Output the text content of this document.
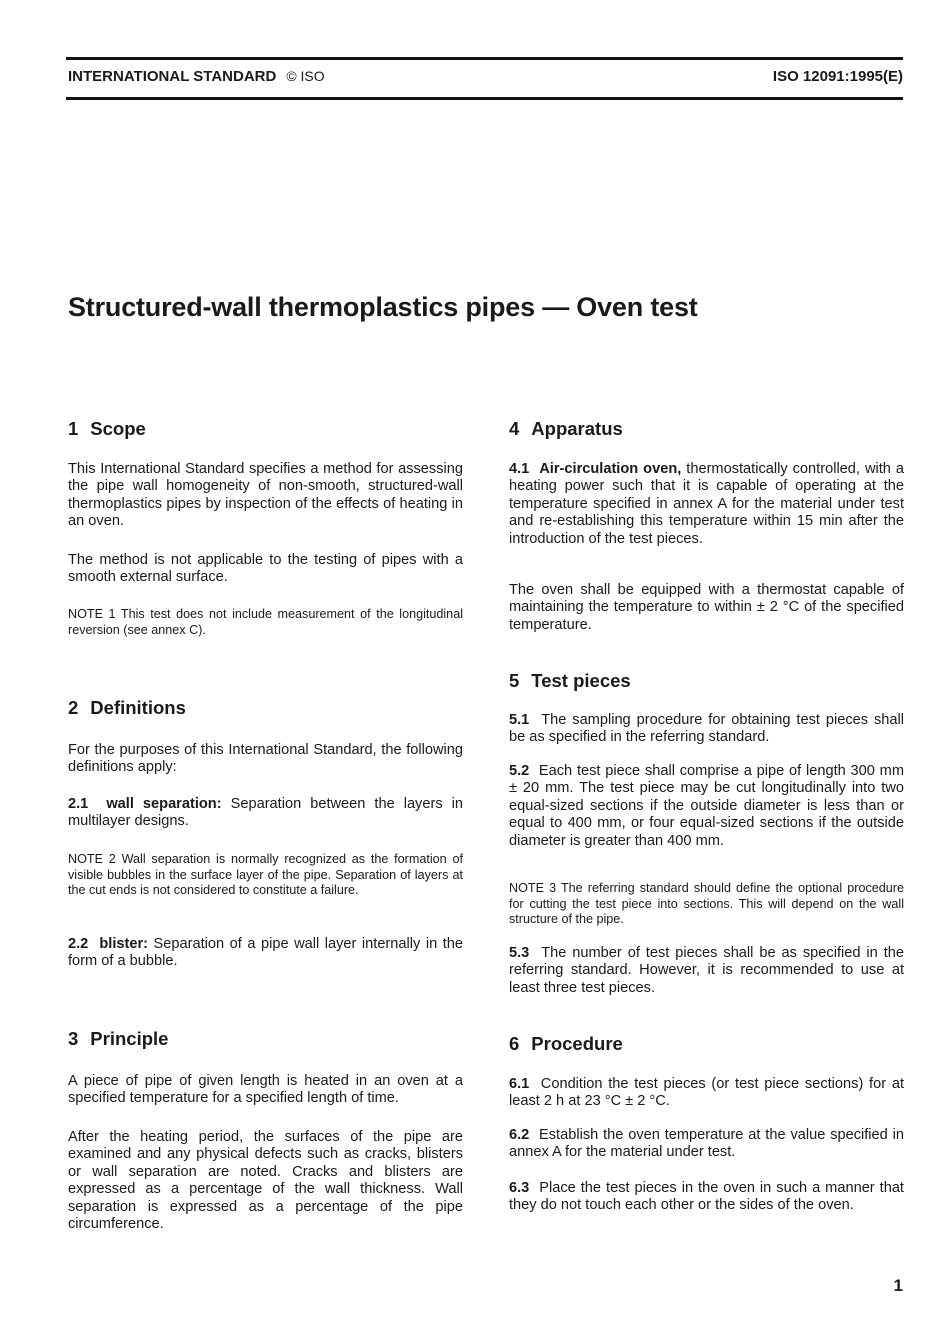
INTERNATIONAL STANDARD © ISO	ISO 12091:1995(E)
Structured-wall thermoplastics pipes — Oven test
1 Scope

This International Standard specifies a method for assessing the pipe wall homogeneity of non-smooth, structured-wall thermoplastics pipes by inspection of the effects of heating in an oven.

The method is not applicable to the testing of pipes with a smooth external surface.

NOTE 1 This test does not include measurement of the longitudinal reversion (see annex C).

2 Definitions

For the purposes of this International Standard, the following definitions apply:

2.1 wall separation: Separation between the layers in multilayer designs.

NOTE 2 Wall separation is normally recognized as the formation of visible bubbles in the surface layer of the pipe. Separation of layers at the cut ends is not considered to constitute a failure.

2.2 blister: Separation of a pipe wall layer internally in the form of a bubble.

3 Principle

A piece of pipe of given length is heated in an oven at a specified temperature for a specified length of time.

After the heating period, the surfaces of the pipe are examined and any physical defects such as cracks, blisters or wall separation are noted. Cracks and blisters are expressed as a percentage of the wall thickness. Wall separation is expressed as a percentage of the pipe circumference.

4 Apparatus

4.1 Air-circulation oven, thermostatically controlled, with a heating power such that it is capable of operating at the temperature specified in annex A for the material under test and re-establishing this temperature within 15 min after the introduction of the test pieces.

The oven shall be equipped with a thermostat capable of maintaining the temperature to within ± 2 °C of the specified temperature.

5 Test pieces

5.1 The sampling procedure for obtaining test pieces shall be as specified in the referring standard.

5.2 Each test piece shall comprise a pipe of length 300 mm ± 20 mm. The test piece may be cut longitudinally into two equal-sized sections if the outside diameter is less than or equal to 400 mm, or four equal-sized sections if the outside diameter is greater than 400 mm.

NOTE 3 The referring standard should define the optional procedure for cutting the test piece into sections. This will depend on the wall structure of the pipe.

5.3 The number of test pieces shall be as specified in the referring standard. However, it is recommended to use at least three test pieces.

6 Procedure

6.1 Condition the test pieces (or test piece sections) for at least 2 h at 23 °C ± 2 °C.

6.2 Establish the oven temperature at the value specified in annex A for the material under test.

6.3 Place the test pieces in the oven in such a manner that they do not touch each other or the sides of the oven.

1
